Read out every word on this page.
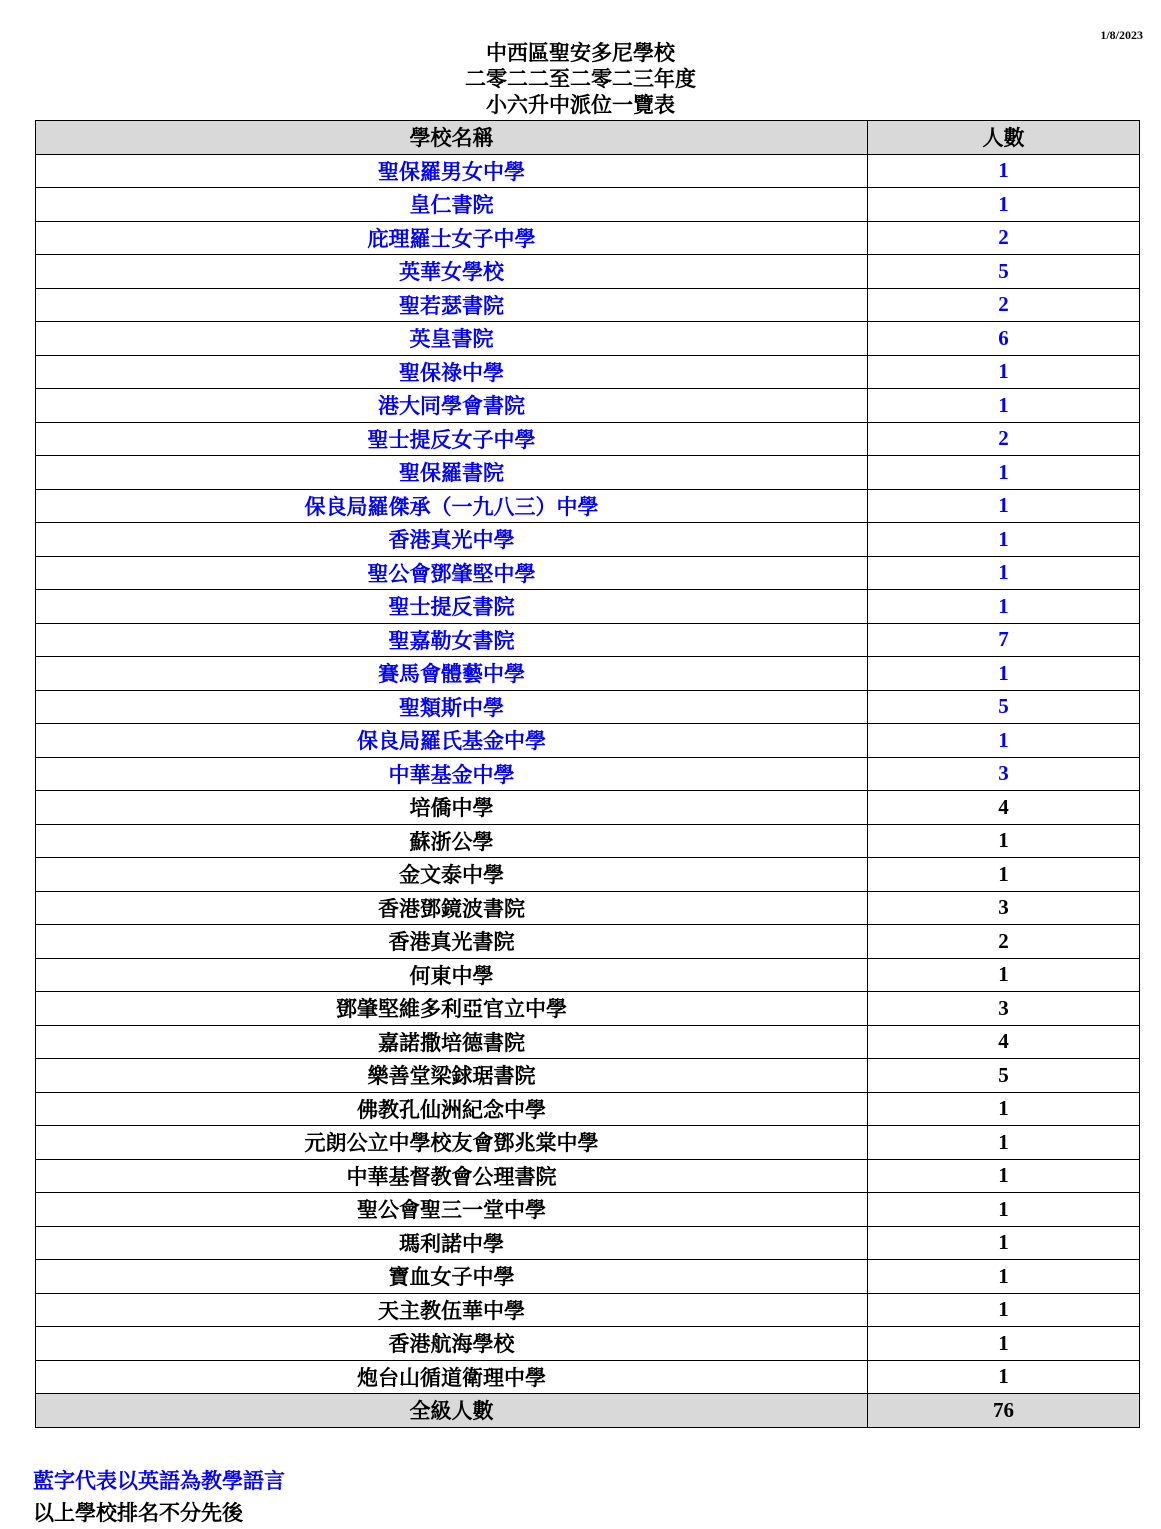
1/8/2023
中西區聖安多尼學校
二零二二至二零二三年度
小六升中派位一覽表
學校名稱	人數
聖保羅男女中學	1
皇仁書院	1
庇理羅士女子中學	2
英華女學校	5
聖若瑟書院	2
英皇書院	6
聖保祿中學	1
港大同學會書院	1
聖士提反女子中學	2
聖保羅書院	1
保良局羅傑承（一九八三）中學	1
香港真光中學	1
聖公會鄧肇堅中學	1
聖士提反書院	1
聖嘉勒女書院	7
賽馬會體藝中學	1
聖類斯中學	5
保良局羅氏基金中學	1
中華基金中學	3
培僑中學	4
蘇浙公學	1
金文泰中學	1
香港鄧鏡波書院	3
香港真光書院	2
何東中學	1
鄧肇堅維多利亞官立中學	3
嘉諾撒培德書院	4
樂善堂梁銶琚書院	5
佛教孔仙洲紀念中學	1
元朗公立中學校友會鄧兆棠中學	1
中華基督教會公理書院	1
聖公會聖三一堂中學	1
瑪利諾中學	1
寶血女子中學	1
天主教伍華中學	1
香港航海學校	1
炮台山循道衛理中學	1
全級人數	76
藍字代表以英語為教學語言
以上學校排名不分先後
